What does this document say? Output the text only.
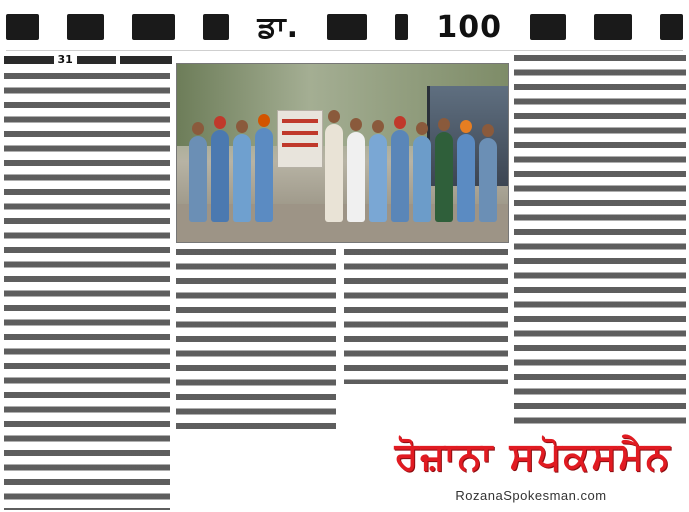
ਡਾ.	100
31
ਰੋਜ਼ਾਨਾ ਸਪੋਕਸਮੈਨ
RozanaSpokesman.com
